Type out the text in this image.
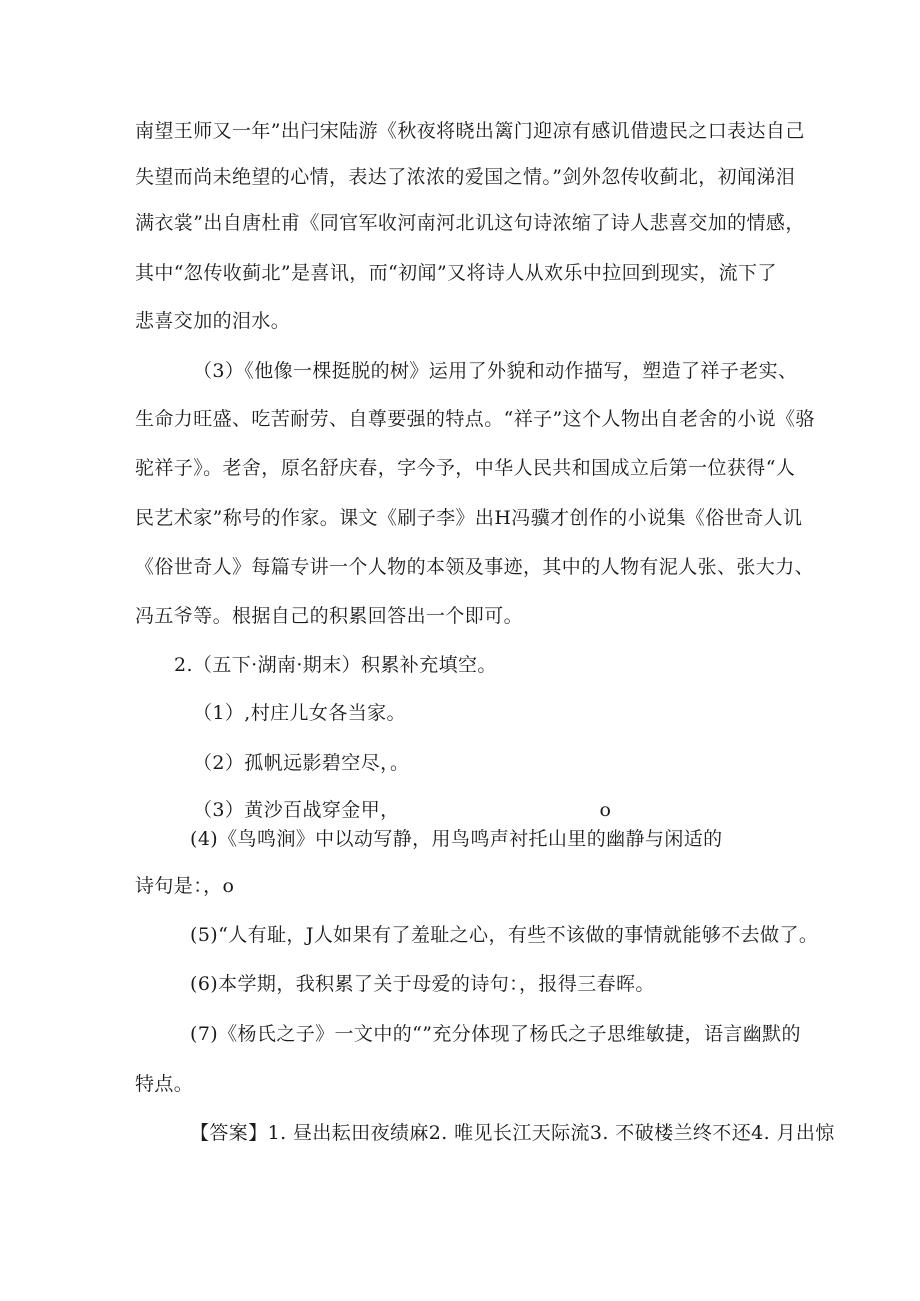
南望王师又一年”出闩宋陆游《秋夜将晓出篱门迎凉有感讥借遗民之口表达自己
失望而尚未绝望的心情，表达了浓浓的爱国之情。”剑外忽传收蓟北，初闻涕泪
满衣裳”出自唐杜甫《同官军收河南河北讥这句诗浓缩了诗人悲喜交加的情感，
其中“忽传收蓟北”是喜讯，而“初闻”又将诗人从欢乐中拉回到现实，流下了
悲喜交加的泪水。
（3）《他像一棵挺脱的树》运用了外貌和动作描写，塑造了祥子老实、
生命力旺盛、吃苦耐劳、自尊要强的特点。“祥子”这个人物出自老舍的小说《骆
驼祥子》。老舍，原名舒庆春，字今予，中华人民共和国成立后第一位获得“人
民艺术家”称号的作家。课文《刷子李》出H冯骥才创作的小说集《俗世奇人讥
《俗世奇人》每篇专讲一个人物的本领及事迹，其中的人物有泥人张、张大力、
冯五爷等。根据自己的积累回答出一个即可。
2.（五下·湖南·期末）积累补充填空。
（1）,村庄儿女各当家。
（2）孤帆远影碧空尽，。
（3）黄沙百战穿金甲，	o
(4)《鸟鸣涧》中以动写静，用鸟鸣声衬托山里的幽静与闲适的
诗句是：，o
(5)“人有耻，J人如果有了羞耻之心，有些不该做的事情就能够不去做了。
(6)本学期，我积累了关于母爱的诗句：，报得三春晖。
(7)《杨氏之子》一文中的“”充分体现了杨氏之子思维敏捷，语言幽默的
特点。
【答案】1. 昼出耘田夜绩麻2. 唯见长江天际流3. 不破楼兰终不还4. 月出惊
